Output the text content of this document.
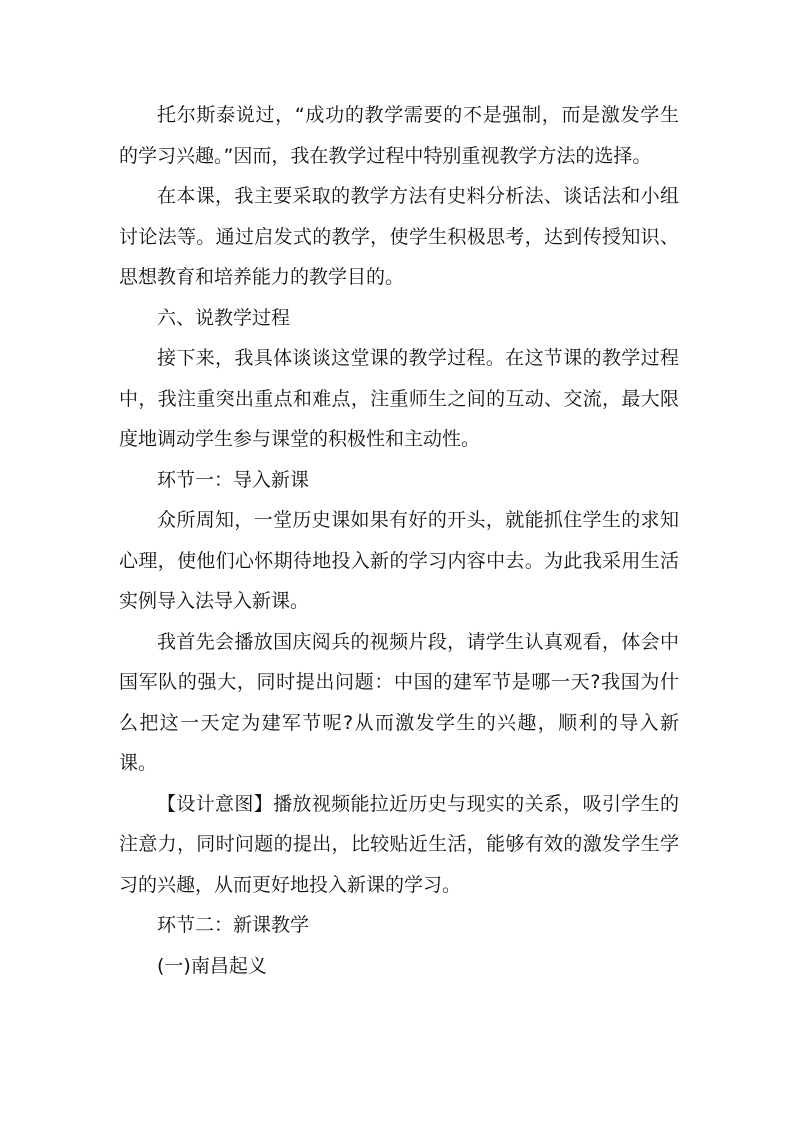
托尔斯泰说过，“成功的教学需要的不是强制，而是激发学生的学习兴趣。”因而，我在教学过程中特别重视教学方法的选择。

在本课，我主要采取的教学方法有史料分析法、谈话法和小组讨论法等。通过启发式的教学，使学生积极思考，达到传授知识、思想教育和培养能力的教学目的。

六、说教学过程

接下来，我具体谈谈这堂课的教学过程。在这节课的教学过程中，我注重突出重点和难点，注重师生之间的互动、交流，最大限度地调动学生参与课堂的积极性和主动性。

环节一：导入新课

众所周知，一堂历史课如果有好的开头，就能抓住学生的求知心理，使他们心怀期待地投入新的学习内容中去。为此我采用生活实例导入法导入新课。

我首先会播放国庆阅兵的视频片段，请学生认真观看，体会中国军队的强大，同时提出问题：中国的建军节是哪一天?我国为什么把这一天定为建军节呢?从而激发学生的兴趣，顺利的导入新课。

【设计意图】播放视频能拉近历史与现实的关系，吸引学生的注意力，同时问题的提出，比较贴近生活，能够有效的激发学生学习的兴趣，从而更好地投入新课的学习。

环节二：新课教学

(一)南昌起义
